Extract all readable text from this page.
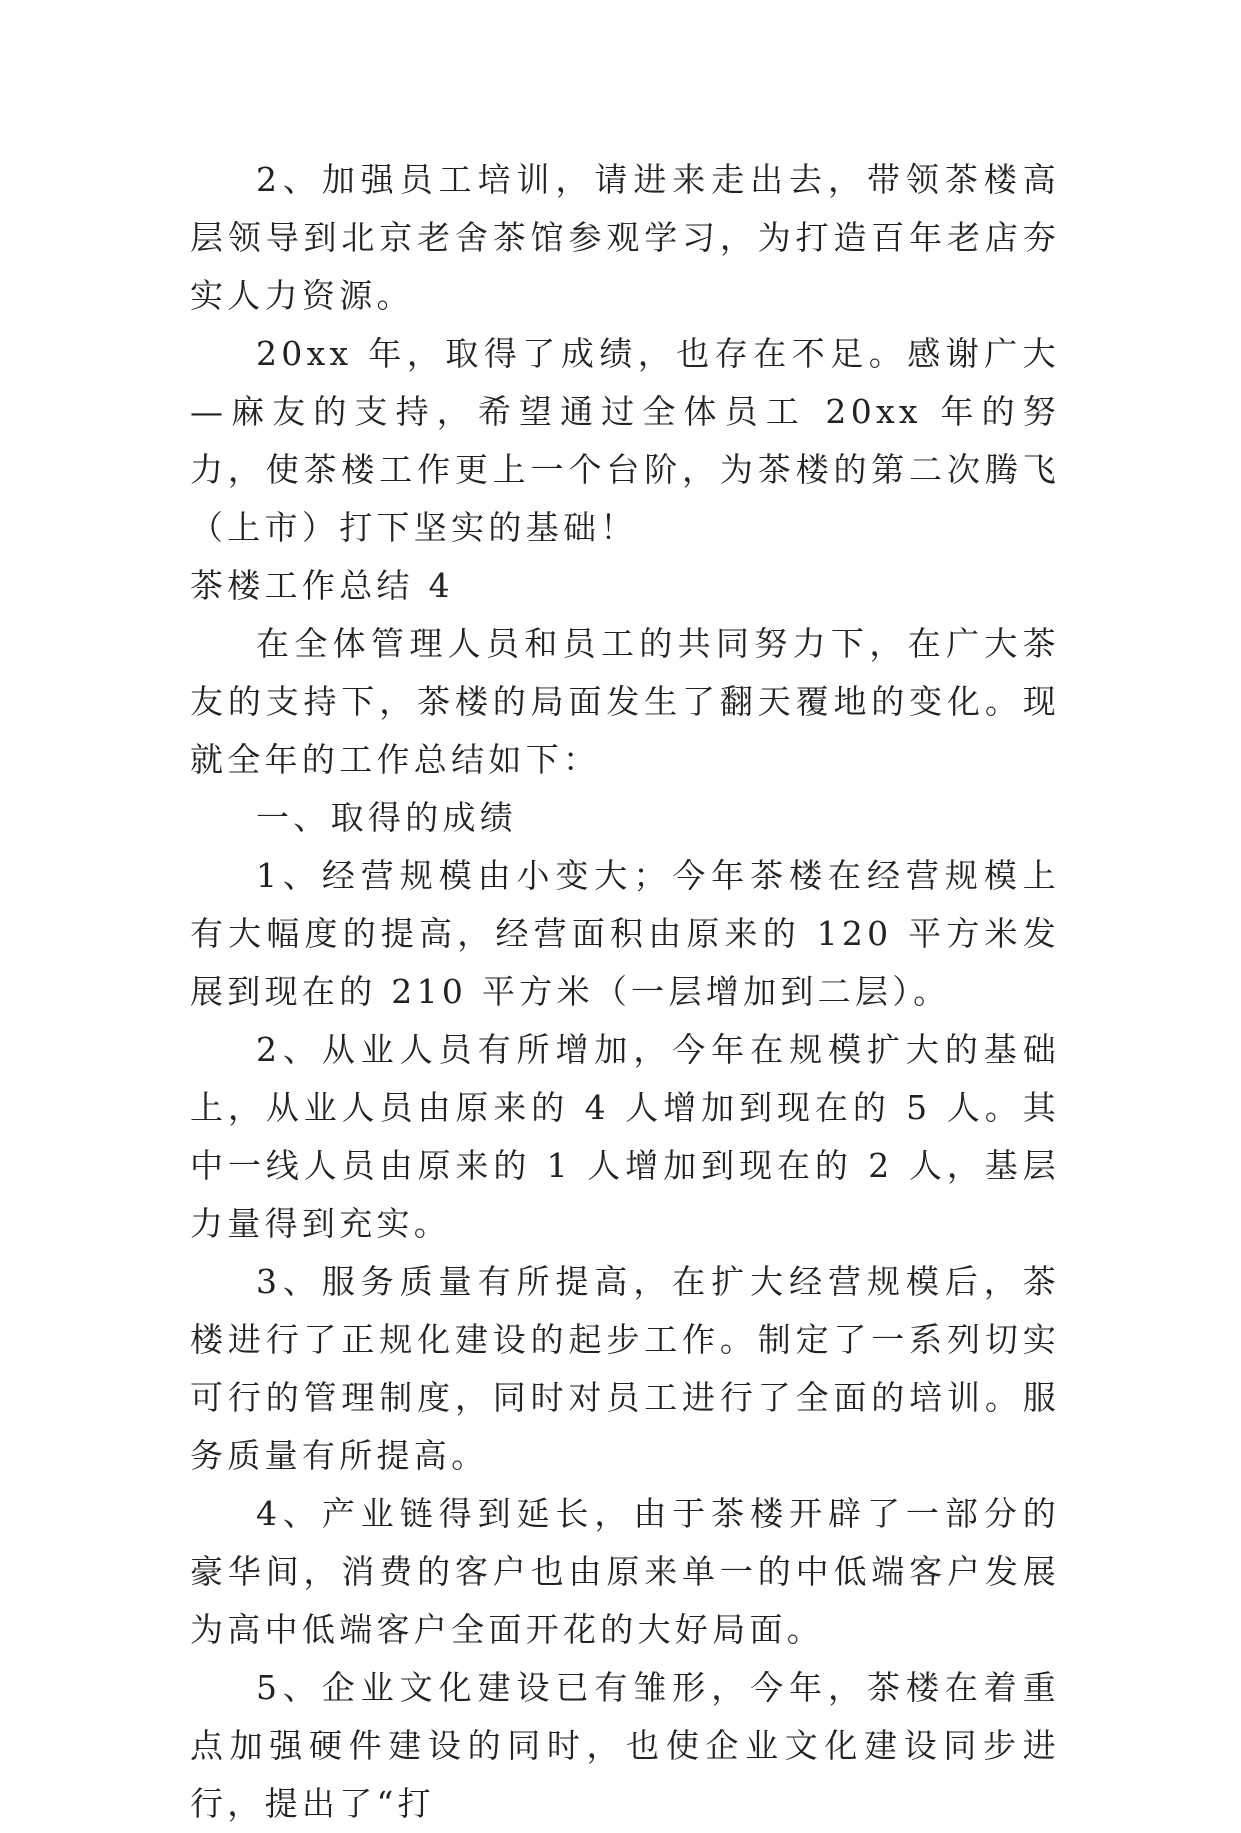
2、加强员工培训，请进来走出去，带领茶楼高层领导到北京老舍茶馆参观学习，为打造百年老店夯实人力资源。

20xx 年，取得了成绩，也存在不足。感谢广大—麻友的支持，希望通过全体员工 20xx 年的努力，使茶楼工作更上一个台阶，为茶楼的第二次腾飞（上市）打下坚实的基础！

茶楼工作总结 4

在全体管理人员和员工的共同努力下，在广大茶友的支持下，茶楼的局面发生了翻天覆地的变化。现就全年的工作总结如下：

一、取得的成绩

1、经营规模由小变大；今年茶楼在经营规模上有大幅度的提高，经营面积由原来的 120 平方米发展到现在的 210 平方米（一层增加到二层）。

2、从业人员有所增加，今年在规模扩大的基础上，从业人员由原来的 4 人增加到现在的 5 人。其中一线人员由原来的 1 人增加到现在的 2 人，基层力量得到充实。

3、服务质量有所提高，在扩大经营规模后，茶楼进行了正规化建设的起步工作。制定了一系列切实可行的管理制度，同时对员工进行了全面的培训。服务质量有所提高。

4、产业链得到延长，由于茶楼开辟了一部分的豪华间，消费的客户也由原来单一的中低端客户发展为高中低端客户全面开花的大好局面。

5、企业文化建设已有雏形，今年，茶楼在着重点加强硬件建设的同时，也使企业文化建设同步进行，提出了“打
